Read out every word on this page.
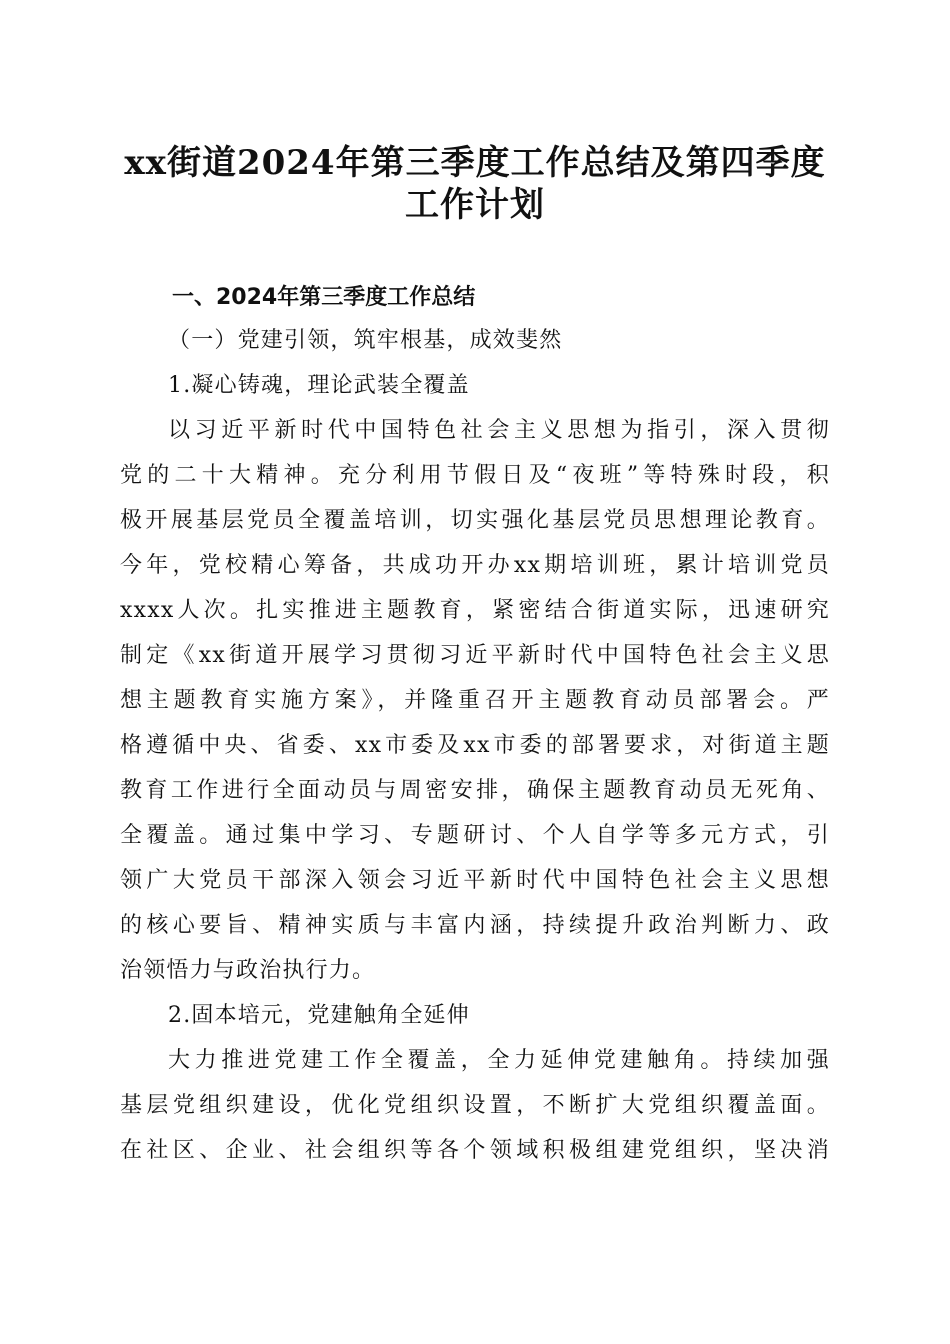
xx街道2024年第三季度工作总结及第四季度
工作计划
一、2024年第三季度工作总结
（一）党建引领，筑牢根基，成效斐然
1.凝心铸魂，理论武装全覆盖
以习近平新时代中国特色社会主义思想为指引，深入贯彻
党的二十大精神。充分利用节假日及“夜班”等特殊时段，积
极开展基层党员全覆盖培训，切实强化基层党员思想理论教育。
今年，党校精心筹备，共成功开办xx期培训班，累计培训党员
xxxx人次。扎实推进主题教育，紧密结合街道实际，迅速研究
制定《xx街道开展学习贯彻习近平新时代中国特色社会主义思
想主题教育实施方案》，并隆重召开主题教育动员部署会。严
格遵循中央、省委、xx市委及xx市委的部署要求，对街道主题
教育工作进行全面动员与周密安排，确保主题教育动员无死角、
全覆盖。通过集中学习、专题研讨、个人自学等多元方式，引
领广大党员干部深入领会习近平新时代中国特色社会主义思想
的核心要旨、精神实质与丰富内涵，持续提升政治判断力、政
治领悟力与政治执行力。
2.固本培元，党建触角全延伸
大力推进党建工作全覆盖，全力延伸党建触角。持续加强
基层党组织建设，优化党组织设置，不断扩大党组织覆盖面。
在社区、企业、社会组织等各个领域积极组建党组织，坚决消
